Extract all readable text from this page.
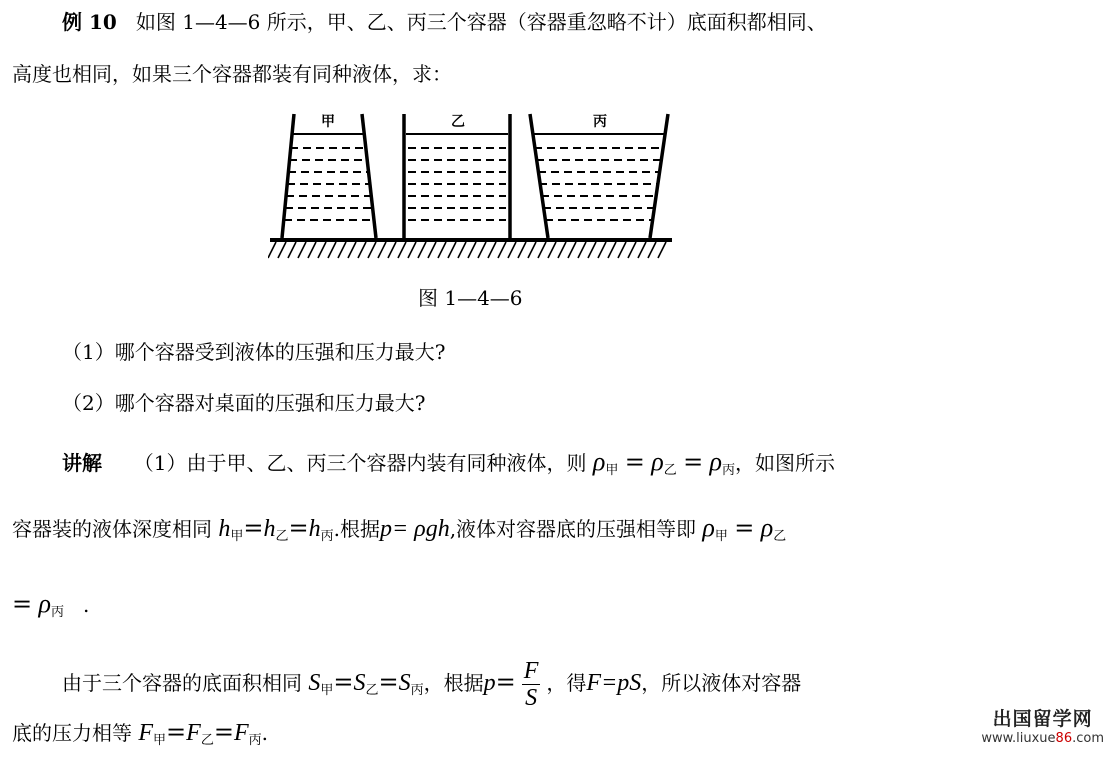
例 10 如图 1—4—6 所示，甲、乙、丙三个容器（容器重忽略不计）底面积都相同、
高度也相同，如果三个容器都装有同种液体，求：
甲	乙	丙
图 1—4—6
（1）哪个容器受到液体的压强和压力最大?
（2）哪个容器对桌面的压强和压力最大?
讲解 （1）由于甲、乙、丙三个容器内装有同种液体，则 $\rho_甲 = \rho_乙 = \rho_丙$，如图所示
容器装的液体深度相同 $h_甲=h_乙=h_丙$.根据p= ρgh,液体对容器底的压强相等即 $\rho_甲 = \rho_乙$
= $\rho_丙$   .
由于三个容器的底面积相同 $S_甲=S_乙=S_丙$，根据$p= \frac{F}{S}$ ，得F=pS，所以液体对容器
底的压力相等 $F_甲=F_乙=F_丙$.
出国留学网
www.liuxue86.com
